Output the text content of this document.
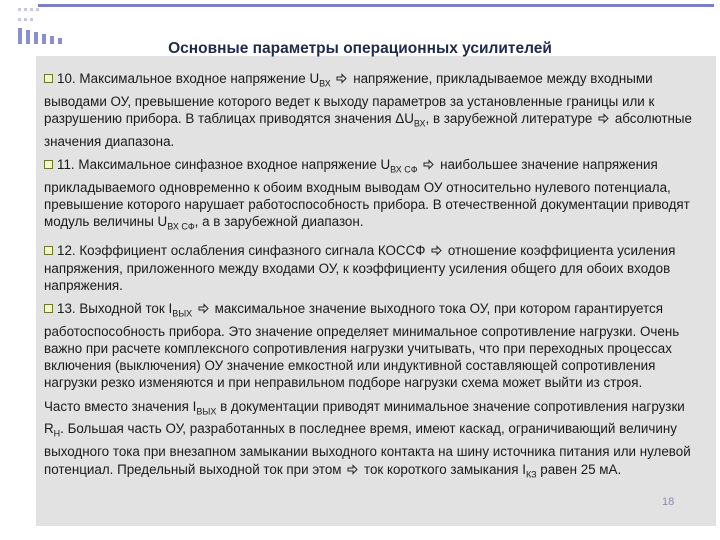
Основные параметры операционных усилителей

10. Максимальное входное напряжение $U_{ВХ}$  напряжение, прикладываемое между входными выводами ОУ, превышение которого ведет к выходу параметров за установленные границы или к разрушению прибора. В таблицах приводятся значения $\Delta U_{ВХ}$, в зарубежной литературе  абсолютные значения диапазона.

11. Максимальное синфазное входное напряжение $U_{ВХ СФ}$  наибольшее значение напряжения прикладываемого одновременно к обоим входным выводам ОУ относительно нулевого потенциала, превышение которого нарушает работоспособность прибора. В отечественной документации приводят модуль величины $U_{ВХ СФ}$, а в зарубежной диапазон.

12. Коэффициент ослабления синфазного сигнала КОССФ  отношение коэффициента усиления напряжения, приложенного между входами ОУ, к коэффициенту усиления общего для обоих входов напряжения.

13. Выходной ток $I_{ВЫХ}$  максимальное значение выходного тока ОУ, при котором гарантируется работоспособность прибора. Это значение определяет минимальное сопротивление нагрузки. Очень важно при расчете комплексного сопротивления нагрузки учитывать, что при переходных процессах включения (выключения) ОУ значение емкостной или индуктивной составляющей сопротивления нагрузки резко изменяются и при неправильном подборе нагрузки схема может выйти из строя.

Часто вместо значения $I_{ВЫХ}$ в документации приводят минимальное значение сопротивления нагрузки $R_Н$. Большая часть ОУ, разработанных в последнее время, имеют каскад, ограничивающий величину выходного тока при внезапном замыкании выходного контакта на шину источника питания или нулевой потенциал. Предельный выходной ток при этом  ток короткого замыкания $I_{КЗ}$ равен 25 мА.

18
